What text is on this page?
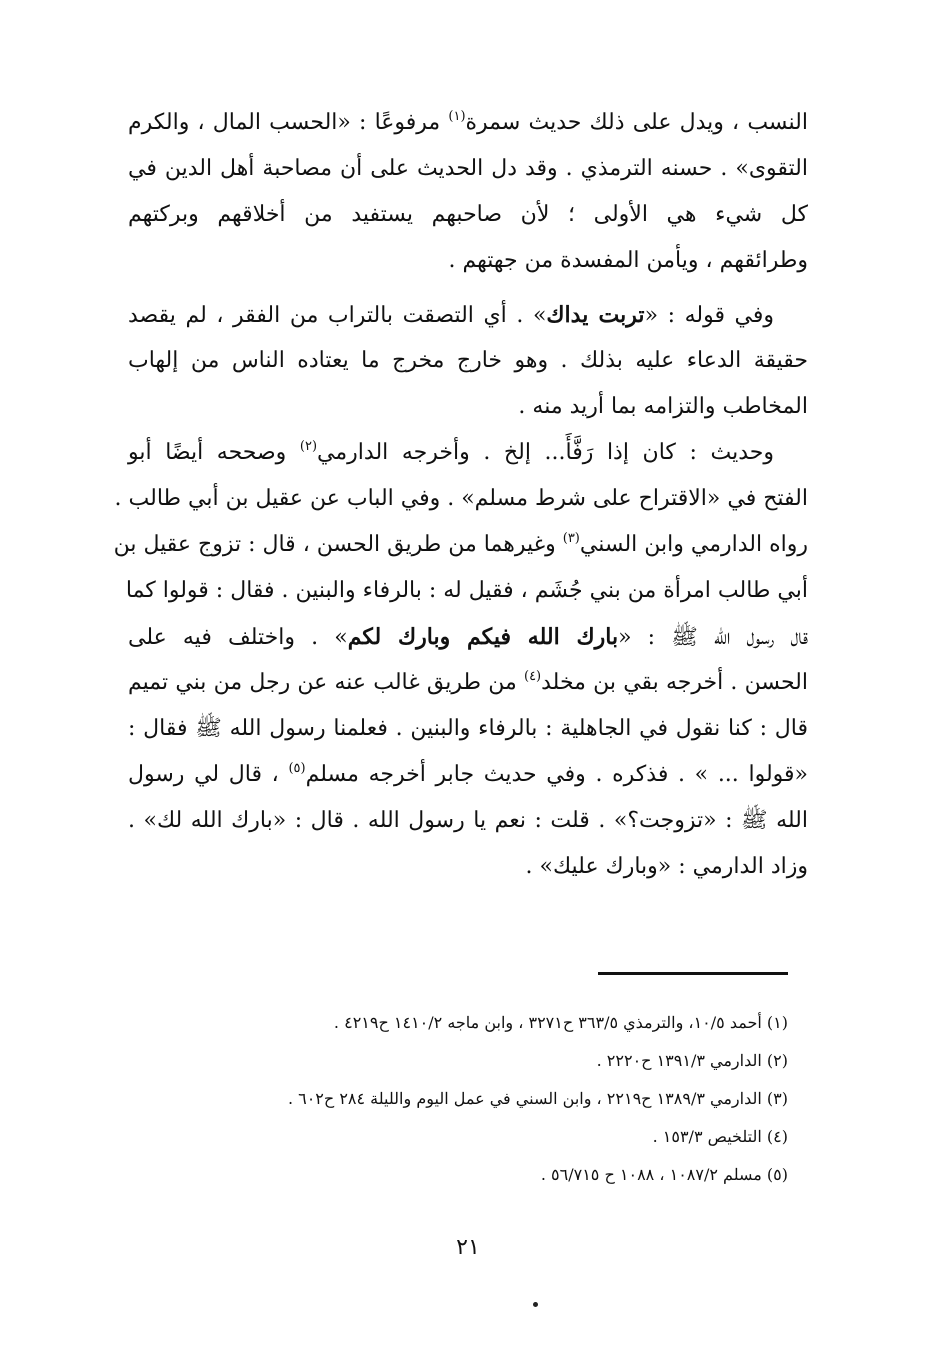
النسب ، ويدل على ذلك حديث سمرة$^{(١)}$ مرفوعًا : «الحسب المال ، والكرم
التقوى» . حسنه الترمذي . وقد دل الحديث على أن مصاحبة أهل الدين في
كل شيء هي الأولى ؛ لأن صاحبهم يستفيد من أخلاقهم وبركتهم
وطرائقهم ، ويأمن المفسدة من جهتهم .
وفي قوله : «تربت يداك» . أي التصقت بالتراب من الفقر ، لم يقصد
حقيقة الدعاء عليه بذلك . وهو خارج مخرج ما يعتاده الناس من إلهاب
المخاطب والتزامه بما أريد منه .
وحديث : كان إذا رَفَّأَ... إلخ . وأخرجه الدارمي$^{(٢)}$ وصححه أيضًا أبو
الفتح في «الاقتراح على شرط مسلم» . وفي الباب عن عقيل بن أبي طالب .
رواه الدارمي وابن السني$^{(٣)}$ وغيرهما من طريق الحسن ، قال : تزوج عقيل بن
أبي طالب امرأة من بني جُشَم ، فقيل له : بالرفاء والبنين . فقال : قولوا كما
قال رسول الله ﷺ : «بارك الله فيكم وبارك لكم» . واختلف فيه على
الحسن . أخرجه بقي بن مخلد$^{(٤)}$ من طريق غالب عنه عن رجل من بني تميم
قال : كنا نقول في الجاهلية : بالرفاء والبنين . فعلمنا رسول الله ﷺ فقال :
«قولوا ... » . فذكره . وفي حديث جابر أخرجه مسلم$^{(٥)}$ ، قال لي رسول
الله ﷺ : «تزوجت؟» . قلت : نعم يا رسول الله . قال : «بارك الله لك» .
وزاد الدارمي : «وبارك عليك» .
(١) أحمد ١٠/٥، والترمذي ٣٦٣/٥ ح٣٢٧١ ، وابن ماجه ١٤١٠/٢ ح٤٢١٩ .
(٢) الدارمي ١٣٩١/٣ ح٢٢٢٠ .
(٣) الدارمي ١٣٨٩/٣ ح٢٢١٩ ، وابن السني في عمل اليوم والليلة ٢٨٤ ح٦٠٢ .
(٤) التلخيص ١٥٣/٣ .
(٥) مسلم ١٠٨٧/٢ ، ١٠٨٨ ح ٥٦/٧١٥ .
٢١
